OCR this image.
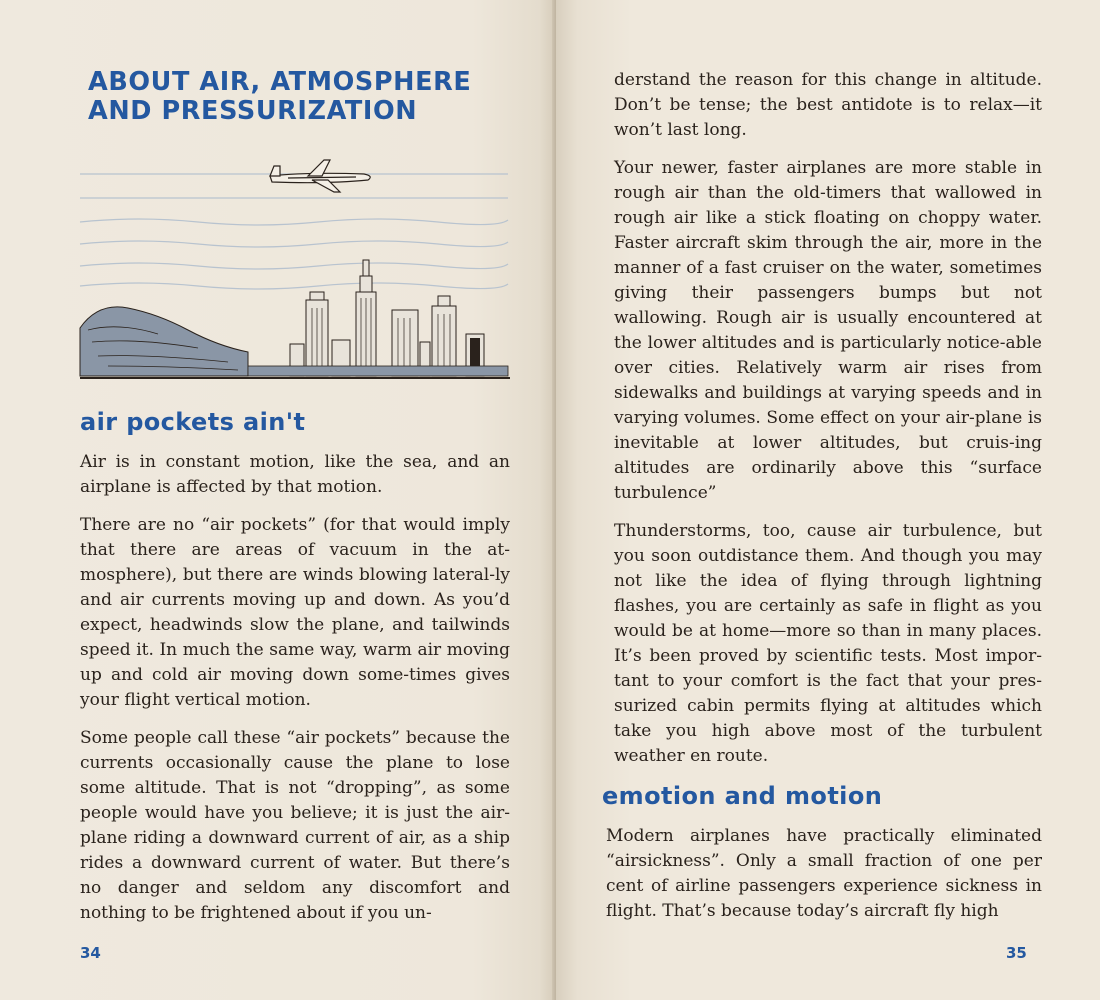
ABOUT AIR, ATMOSPHERE
AND PRESSURIZATION
air pockets ain't

Air is in constant motion, like the sea, and an airplane is affected by that motion.

There are no “air pockets” (for that would imply that there are areas of vacuum in the at-mosphere), but there are winds blowing lateral-ly and air currents moving up and down. As you’d expect, headwinds slow the plane, and tailwinds speed it. In much the same way, warm air moving up and cold air moving down some-times gives your flight vertical motion.

Some people call these “air pockets” because the currents occasionally cause the plane to lose some altitude. That is not “dropping”, as some people would have you believe; it is just the air-plane riding a downward current of air, as a ship rides a downward current of water. But there’s no danger and seldom any discomfort and nothing to be frightened about if you un-

34

derstand the reason for this change in altitude. Don’t be tense; the best antidote is to relax—it won’t last long.

Your newer, faster airplanes are more stable in rough air than the old-timers that wallowed in rough air like a stick floating on choppy water. Faster aircraft skim through the air, more in the manner of a fast cruiser on the water, sometimes giving their passengers bumps but not wallowing. Rough air is usually encountered at the lower altitudes and is particularly notice-able over cities. Relatively warm air rises from sidewalks and buildings at varying speeds and in varying volumes. Some effect on your air-plane is inevitable at lower altitudes, but cruis-ing altitudes are ordinarily above this “surface turbulence”

Thunderstorms, too, cause air turbulence, but you soon outdistance them. And though you may not like the idea of flying through lightning flashes, you are certainly as safe in flight as you would be at home—more so than in many places. It’s been proved by scientific tests. Most impor-tant to your comfort is the fact that your pres-surized cabin permits flying at altitudes which take you high above most of the turbulent weather en route.

emotion and motion

Modern airplanes have practically eliminated “airsickness”. Only a small fraction of one per cent of airline passengers experience sickness in flight. That’s because today’s aircraft fly high

35
